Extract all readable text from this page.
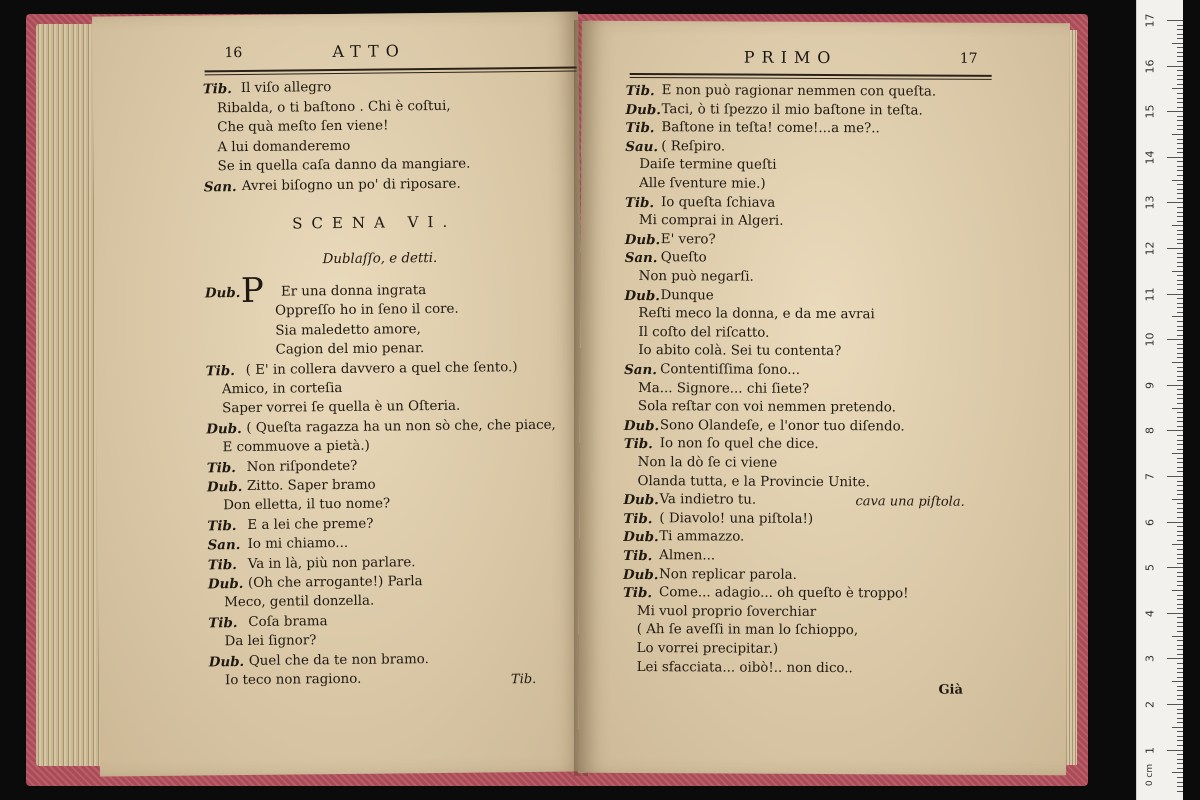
16	ATTO
Tib. Il viſo allegro
Ribalda, o ti baſtono . Chi è coſtui,
Che quà meſto ſen viene!
A lui domanderemo
Se in quella caſa danno da mangiare.
San. Avrei biſogno un po' di riposare.
SCENA VI.
Dublaſſo, e detti.
Dub. P Er una donna ingrata
Oppreſſo ho in ſeno il core.
Sia maledetto amore,
Cagion del mio penar.
Tib. ( E' in collera davvero a quel che ſento.)
Amico, in corteſia
Saper vorrei ſe quella è un Oſteria.
Dub. ( Queſta ragazza ha un non sò che, che piace,
E commuove a pietà.)
Tib. Non riſpondete?
Dub. Zitto. Saper bramo
Don elletta, il tuo nome?
Tib. E a lei che preme?
San. Io mi chiamo...
Tib. Va in là, più non parlare.
Dub. (Oh che arrogante!) Parla
Meco, gentil donzella.
Tib. Coſa brama
Da lei ſignor?
Dub. Quel che da te non bramo.
Io teco non ragiono.	Tib.
PRIMO	17
Tib. E non può ragionar nemmen con queſta.
Dub. Taci, ò ti ſpezzo il mio baſtone in teſta.
Tib. Baſtone in teſta! come!...a me?..
Sau. ( Reſpiro.
Daiſe termine queſti
Alle ſventure mie.)
Tib. Io queſta ſchiava
Mi comprai in Algeri.
Dub. E' vero?
San. Queſto
Non può negarſi.
Dub. Dunque
Reſti meco la donna, e da me avrai
Il coſto del riſcatto.
Io abito colà. Sei tu contenta?
San. Contentiſſima ſono...
Ma... Signore... chi ſiete?
Sola reſtar con voi nemmen pretendo.
Dub. Sono Olandeſe, e l'onor tuo diſendo.
Tib. Io non ſo quel che dice.
Non la dò ſe ci viene
Olanda tutta, e la Provincie Unite.
Dub. Va indietro tu.
Tib. ( Diavolo! una piſtola!)
Dub. Ti ammazzo.
Tib. Almen...
Dub. Non replicar parola.
Tib. Come... adagio... oh queſto è troppo!
Mi vuol proprio ſoverchiar
( Ah ſe aveſſi in man lo ſchioppo,
Lo vorrei precipitar.)
Lei sfacciata... oibò!.. non dico..
cava una piſtola.
Già
17
16
15
14
13
12
11
10
9
8
7
6
5
4
3
2
1
0 cm
